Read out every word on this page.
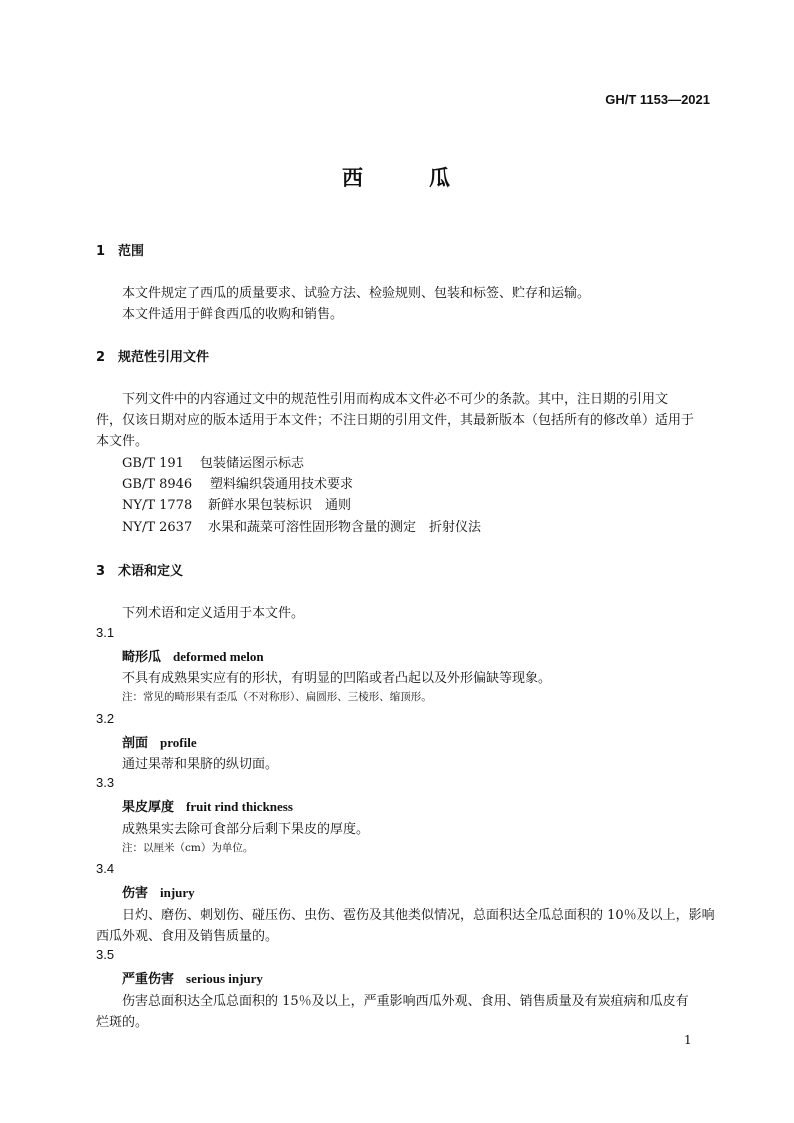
GH/T 1153—2021
西	瓜
1 范围
本文件规定了西瓜的质量要求、试验方法、检验规则、包装和标签、贮存和运输。
本文件适用于鲜食西瓜的收购和销售。
2 规范性引用文件
下列文件中的内容通过文中的规范性引用而构成本文件必不可少的条款。其中，注日期的引用文
件，仅该日期对应的版本适用于本文件；不注日期的引用文件，其最新版本（包括所有的修改单）适用于
本文件。
GB/T 191 包装储运图示标志
GB/T 8946 塑料编织袋通用技术要求
NY/T 1778 新鲜水果包装标识　通则
NY/T 2637 水果和蔬菜可溶性固形物含量的测定　折射仪法
3 术语和定义
下列术语和定义适用于本文件。
3.1
畸形瓜 deformed melon
不具有成熟果实应有的形状，有明显的凹陷或者凸起以及外形偏缺等现象。
注：常见的畸形果有歪瓜（不对称形）、扁圆形、三棱形、缩顶形。
3.2
剖面 profile
通过果蒂和果脐的纵切面。
3.3
果皮厚度 fruit rind thickness
成熟果实去除可食部分后剩下果皮的厚度。
注：以厘米（cm）为单位。
3.4
伤害 injury
日灼、磨伤、刺划伤、碰压伤、虫伤、雹伤及其他类似情况，总面积达全瓜总面积的 10％及以上，影响
西瓜外观、食用及销售质量的。
3.5
严重伤害 serious injury
伤害总面积达全瓜总面积的 15％及以上，严重影响西瓜外观、食用、销售质量及有炭疽病和瓜皮有
烂斑的。
1
